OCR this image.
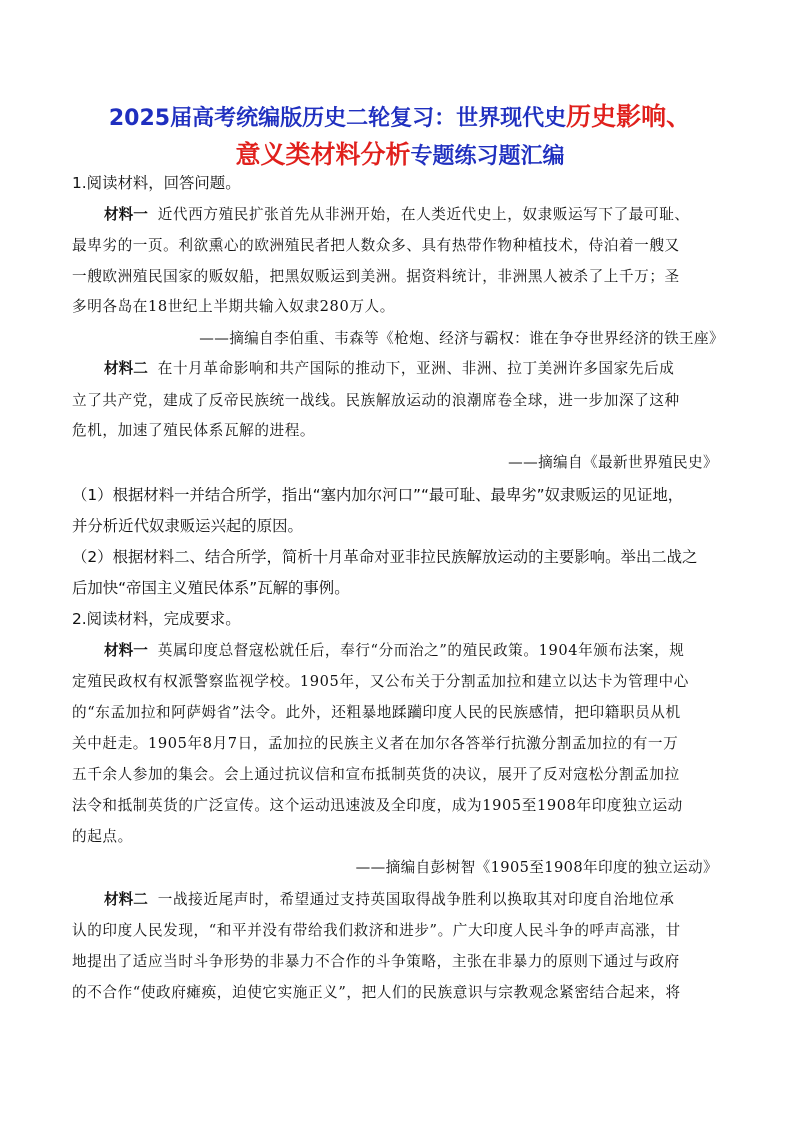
2025届高考统编版历史二轮复习：世界现代史历史影响、
意义类材料分析专题练习题汇编
1.阅读材料，回答问题。
材料一 近代西方殖民扩张首先从非洲开始，在人类近代史上，奴隶贩运写下了最可耻、
最卑劣的一页。利欲熏心的欧洲殖民者把人数众多、具有热带作物种植技术，侍泊着一艘又
一艘欧洲殖民国家的贩奴船，把黑奴贩运到美洲。据资料统计，非洲黑人被杀了上千万；圣
多明各岛在18世纪上半期共输入奴隶280万人。
——摘编自李伯重、韦森等《枪炮、经济与霸权：谁在争夺世界经济的铁王座》
材料二 在十月革命影响和共产国际的推动下，亚洲、非洲、拉丁美洲许多国家先后成
立了共产党，建成了反帝民族统一战线。民族解放运动的浪潮席卷全球，进一步加深了这种
危机，加速了殖民体系瓦解的进程。
——摘编自《最新世界殖民史》
（1）根据材料一并结合所学，指出“塞内加尔河口”“最可耻、最卑劣”奴隶贩运的见证地，
并分析近代奴隶贩运兴起的原因。
（2）根据材料二、结合所学，简析十月革命对亚非拉民族解放运动的主要影响。举出二战之
后加快“帝国主义殖民体系”瓦解的事例。
2.阅读材料，完成要求。
材料一 英属印度总督寇松就任后，奉行“分而治之”的殖民政策。1904年颁布法案，规
定殖民政权有权派警察监视学校。1905年，又公布关于分割孟加拉和建立以达卡为管理中心
的“东孟加拉和阿萨姆省”法令。此外，还粗暴地蹂躏印度人民的民族感情，把印籍职员从机
关中赶走。1905年8月7日，孟加拉的民族主义者在加尔各答举行抗激分割孟加拉的有一万
五千余人参加的集会。会上通过抗议信和宣布抵制英货的决议，展开了反对寇松分割孟加拉
法令和抵制英货的广泛宣传。这个运动迅速波及全印度，成为1905至1908年印度独立运动
的起点。
——摘编自彭树智《1905至1908年印度的独立运动》
材料二 一战接近尾声时，希望通过支持英国取得战争胜利以换取其对印度自治地位承
认的印度人民发现，“和平并没有带给我们救济和进步”。广大印度人民斗争的呼声高涨，甘
地提出了适应当时斗争形势的非暴力不合作的斗争策略，主张在非暴力的原则下通过与政府
的不合作“使政府瘫痪，迫使它实施正义”，把人们的民族意识与宗教观念紧密结合起来，将
